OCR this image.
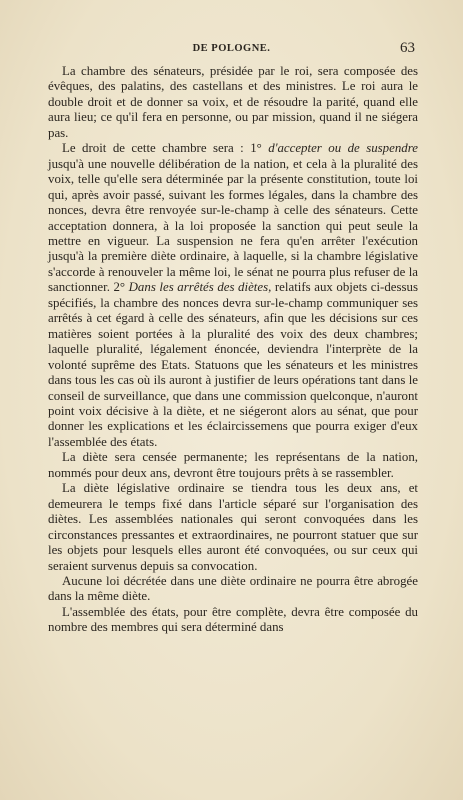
DE POLOGNE.	63

La chambre des sénateurs, présidée par le roi, sera composée des évêques, des palatins, des castellans et des ministres. Le roi aura le double droit et de donner sa voix, et de résoudre la parité, quand elle aura lieu; ce qu'il fera en personne, ou par mission, quand il ne siégera pas.

Le droit de cette chambre sera : 1° d'accepter ou de suspendre jusqu'à une nouvelle délibération de la nation, et cela à la pluralité des voix, telle qu'elle sera déterminée par la présente constitution, toute loi qui, après avoir passé, suivant les formes légales, dans la chambre des nonces, devra être renvoyée sur-le-champ à celle des sénateurs. Cette acceptation donnera, à la loi proposée la sanction qui peut seule la mettre en vigueur. La suspension ne fera qu'en arrêter l'exécution jusqu'à la première diète ordinaire, à laquelle, si la chambre législative s'accorde à renouveler la même loi, le sénat ne pourra plus refuser de la sanctionner. 2° Dans les arrêtés des diètes, relatifs aux objets ci-dessus spécifiés, la chambre des nonces devra sur-le-champ communiquer ses arrêtés à cet égard à celle des sénateurs, afin que les décisions sur ces matières soient portées à la pluralité des voix des deux chambres; laquelle pluralité, légalement énoncée, deviendra l'interprète de la volonté suprême des Etats. Statuons que les sénateurs et les ministres dans tous les cas où ils auront à justifier de leurs opérations tant dans le conseil de surveillance, que dans une commission quelconque, n'auront point voix décisive à la diète, et ne siégeront alors au sénat, que pour donner les explications et les éclaircissemens que pourra exiger d'eux l'assemblée des états.

La diète sera censée permanente; les représentans de la nation, nommés pour deux ans, devront être toujours prêts à se rassembler.

La diète législative ordinaire se tiendra tous les deux ans, et demeurera le temps fixé dans l'article séparé sur l'organisation des diètes. Les assemblées nationales qui seront convoquées dans les circonstances pressantes et extraordinaires, ne pourront statuer que sur les objets pour lesquels elles auront été convoquées, ou sur ceux qui seraient survenus depuis sa convocation.

Aucune loi décrétée dans une diète ordinaire ne pourra être abrogée dans la même diète.

L'assemblée des états, pour être complète, devra être composée du nombre des membres qui sera déterminé dans
